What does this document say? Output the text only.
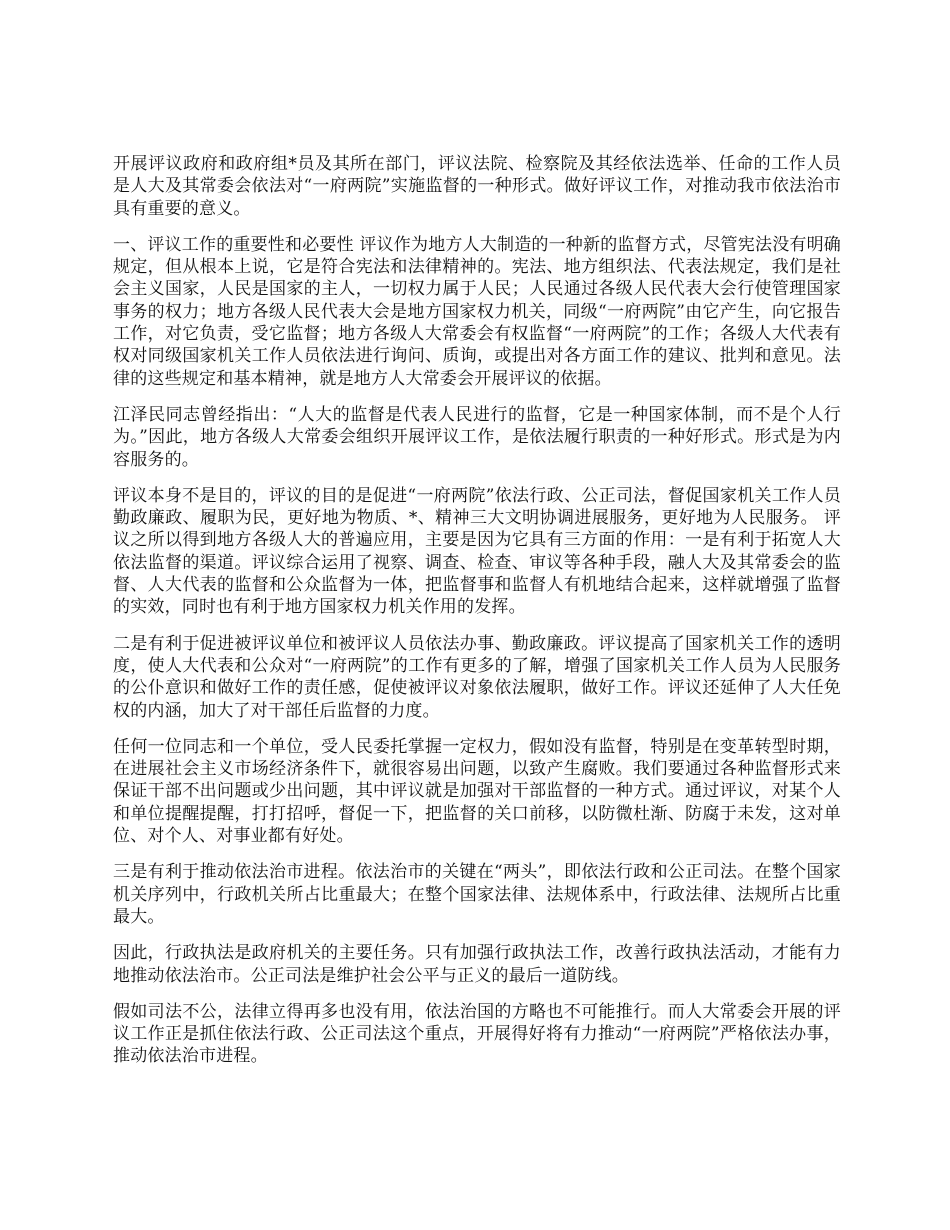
开展评议政府和政府组*员及其所在部门，评议法院、检察院及其经依法选举、任命的工作人员是人大及其常委会依法对“一府两院”实施监督的一种形式。做好评议工作，对推动我市依法治市具有重要的意义。

一、评议工作的重要性和必要性 评议作为地方人大制造的一种新的监督方式，尽管宪法没有明确规定，但从根本上说，它是符合宪法和法律精神的。宪法、地方组织法、代表法规定，我们是社会主义国家，人民是国家的主人，一切权力属于人民；人民通过各级人民代表大会行使管理国家事务的权力；地方各级人民代表大会是地方国家权力机关，同级“一府两院”由它产生，向它报告工作，对它负责，受它监督；地方各级人大常委会有权监督“一府两院”的工作；各级人大代表有权对同级国家机关工作人员依法进行询问、质询，或提出对各方面工作的建议、批判和意见。法律的这些规定和基本精神，就是地方人大常委会开展评议的依据。

江泽民同志曾经指出：“人大的监督是代表人民进行的监督，它是一种国家体制，而不是个人行为。”因此，地方各级人大常委会组织开展评议工作，是依法履行职责的一种好形式。形式是为内容服务的。

评议本身不是目的，评议的目的是促进“一府两院”依法行政、公正司法，督促国家机关工作人员勤政廉政、履职为民，更好地为物质、*、精神三大文明协调进展服务，更好地为人民服务。 评议之所以得到地方各级人大的普遍应用，主要是因为它具有三方面的作用：一是有利于拓宽人大依法监督的渠道。评议综合运用了视察、调查、检查、审议等各种手段，融人大及其常委会的监督、人大代表的监督和公众监督为一体，把监督事和监督人有机地结合起来，这样就增强了监督的实效，同时也有利于地方国家权力机关作用的发挥。

二是有利于促进被评议单位和被评议人员依法办事、勤政廉政。评议提高了国家机关工作的透明度，使人大代表和公众对“一府两院”的工作有更多的了解，增强了国家机关工作人员为人民服务的公仆意识和做好工作的责任感，促使被评议对象依法履职，做好工作。评议还延伸了人大任免权的内涵，加大了对干部任后监督的力度。

任何一位同志和一个单位，受人民委托掌握一定权力，假如没有监督，特别是在变革转型时期，在进展社会主义市场经济条件下，就很容易出问题，以致产生腐败。我们要通过各种监督形式来保证干部不出问题或少出问题，其中评议就是加强对干部监督的一种方式。通过评议，对某个人和单位提醒提醒，打打招呼，督促一下，把监督的关口前移，以防微杜渐、防腐于未发，这对单位、对个人、对事业都有好处。

三是有利于推动依法治市进程。依法治市的关键在“两头”，即依法行政和公正司法。在整个国家机关序列中，行政机关所占比重最大；在整个国家法律、法规体系中，行政法律、法规所占比重最大。

因此，行政执法是政府机关的主要任务。只有加强行政执法工作，改善行政执法活动，才能有力地推动依法治市。公正司法是维护社会公平与正义的最后一道防线。

假如司法不公，法律立得再多也没有用，依法治国的方略也不可能推行。而人大常委会开展的评议工作正是抓住依法行政、公正司法这个重点，开展得好将有力推动“一府两院”严格依法办事，推动依法治市进程。
